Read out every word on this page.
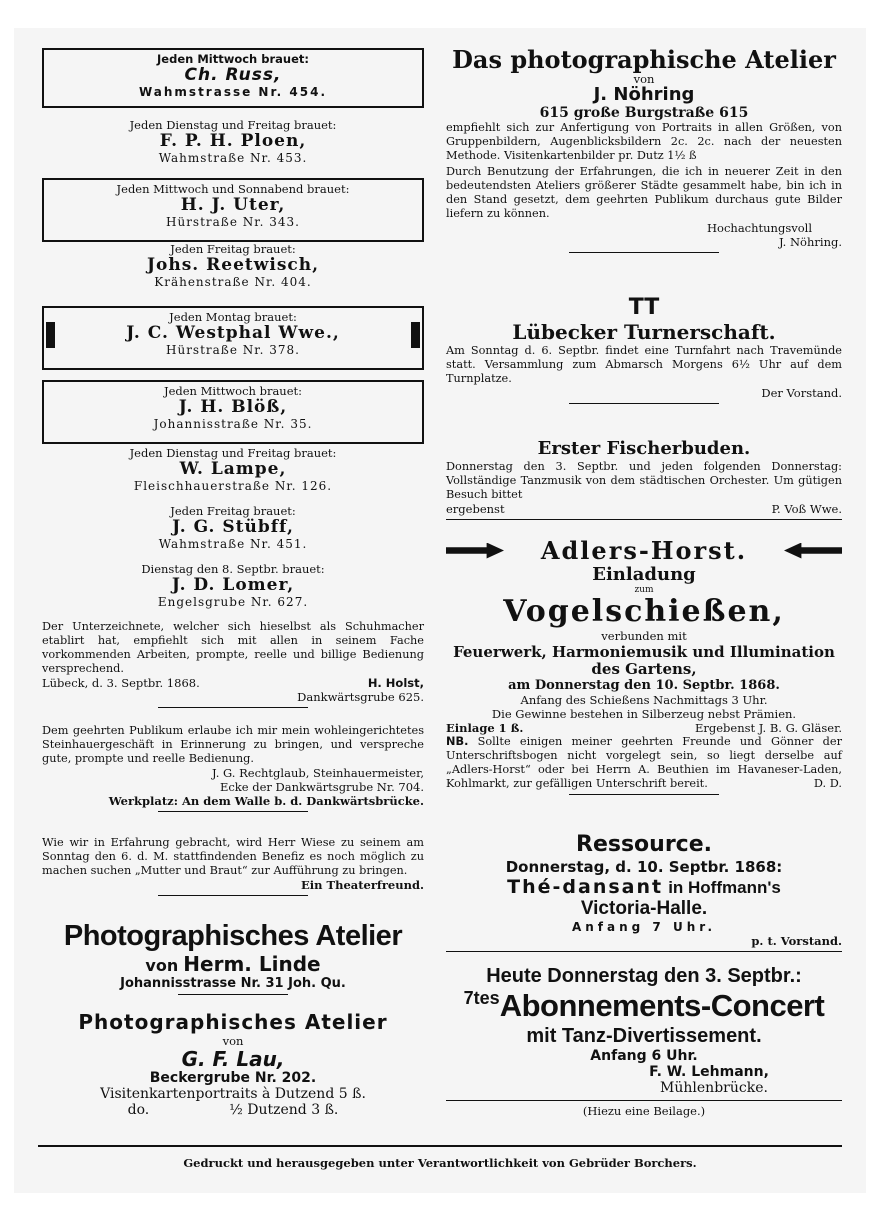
Jeden Mittwoch brauet:
Ch. Russ,
Wahmstrasse Nr. 454.
Jeden Dienstag und Freitag brauet:
F. P. H. Ploen,
Wahmstraße Nr. 453.
Jeden Mittwoch und Sonnabend brauet:
H. J. Uter,
Hürstraße Nr. 343.
Jeden Freitag brauet:
Johs. Reetwisch,
Krähenstraße Nr. 404.
Jeden Montag brauet:
J. C. Westphal Wwe.,
Hürstraße Nr. 378.
Jeden Mittwoch brauet:
J. H. Blöß,
Johannisstraße Nr. 35.
Jeden Dienstag und Freitag brauet:
W. Lampe,
Fleischhauerstraße Nr. 126.
Jeden Freitag brauet:
J. G. Stübff,
Wahmstraße Nr. 451.
Dienstag den 8. Septbr. brauet:
J. D. Lomer,
Engelsgrube Nr. 627.
Der Unterzeichnete, welcher sich hieselbst als Schuhmacher etablirt hat, empfiehlt sich mit allen in seinem Fache vorkommenden Arbeiten, prompte, reelle und billige Bedienung versprechend.
Lübeck, d. 3. Septbr. 1868.	H. Holst,
Dankwärtsgrube 625.
Dem geehrten Publikum erlaube ich mir mein wohleingerichtetes Steinhauergeschäft in Erinnerung zu bringen, und verspreche gute, prompte und reelle Bedienung.
J. G. Rechtglaub, Steinhauermeister,
Ecke der Dankwärtsgrube Nr. 704.
Werkplatz: An dem Walle b. d. Dankwärtsbrücke.
Wie wir in Erfahrung gebracht, wird Herr Wiese zu seinem am Sonntag den 6. d. M. stattfindenden Benefiz es noch möglich zu machen suchen „Mutter und Braut“ zur Aufführung zu bringen.
Ein Theaterfreund.
Photographisches Atelier
von Herm. Linde
Johannisstrasse Nr. 31 Joh. Qu.
Photographisches Atelier
von
G. F. Lau,
Beckergrube Nr. 202.
Visitenkartenportraits à Dutzend 5 ß.
do.	½ Dutzend 3 ß.
Das photographische Atelier
von
J. Nöhring
615 große Burgstraße 615
empfiehlt sich zur Anfertigung von Portraits in allen Größen, von Gruppenbildern, Augenblicksbildern 2c. 2c. nach der neuesten Methode. Visitenkartenbilder pr. Dutz 1½ ß
Durch Benutzung der Erfahrungen, die ich in neuerer Zeit in den bedeutendsten Ateliers größerer Städte gesammelt habe, bin ich in den Stand gesetzt, dem geehrten Publikum durchaus gute Bilder liefern zu können.
Hochachtungsvoll
J. Nöhring.
TT
Lübecker Turnerschaft.
Am Sonntag d. 6. Septbr. findet eine Turnfahrt nach Travemünde statt. Versammlung zum Abmarsch Morgens 6½ Uhr auf dem Turnplatze.
Der Vorstand.
Erster Fischerbuden.
Donnerstag den 3. Septbr. und jeden folgenden Donnerstag: Vollständige Tanzmusik von dem städtischen Orchester. Um gütigen Besuch bittet
ergebenst	P. Voß Wwe.
Adlers-Horst.
Einladung
zum
Vogelschießen,
verbunden mit
Feuerwerk, Harmoniemusik und Illumination
des Gartens,
am Donnerstag den 10. Septbr. 1868.
Anfang des Schießens Nachmittags 3 Uhr.
Die Gewinne bestehen in Silberzeug nebst Prämien.
Einlage 1 ß.	Ergebenst J. B. G. Gläser.
NB. Sollte einigen meiner geehrten Freunde und Gönner der Unterschriftsbogen nicht vorgelegt sein, so liegt derselbe auf „Adlers-Horst“ oder bei Herrn A. Beuthien im Havaneser-Laden, Kohlmarkt, zur gefälligen Unterschrift bereit.	D. D.
Ressource.
Donnerstag, d. 10. Septbr. 1868:
Thé-dansant in Hoffmann's
Victoria-Halle.
Anfang 7 Uhr.
p. t. Vorstand.
Heute Donnerstag den 3. Septbr.:
7tes Abonnements-Concert
mit Tanz-Divertissement.
Anfang 6 Uhr.
F. W. Lehmann,
Mühlenbrücke.
(Hiezu eine Beilage.)
Gedruckt und herausgegeben unter Verantwortlichkeit von Gebrüder Borchers.
